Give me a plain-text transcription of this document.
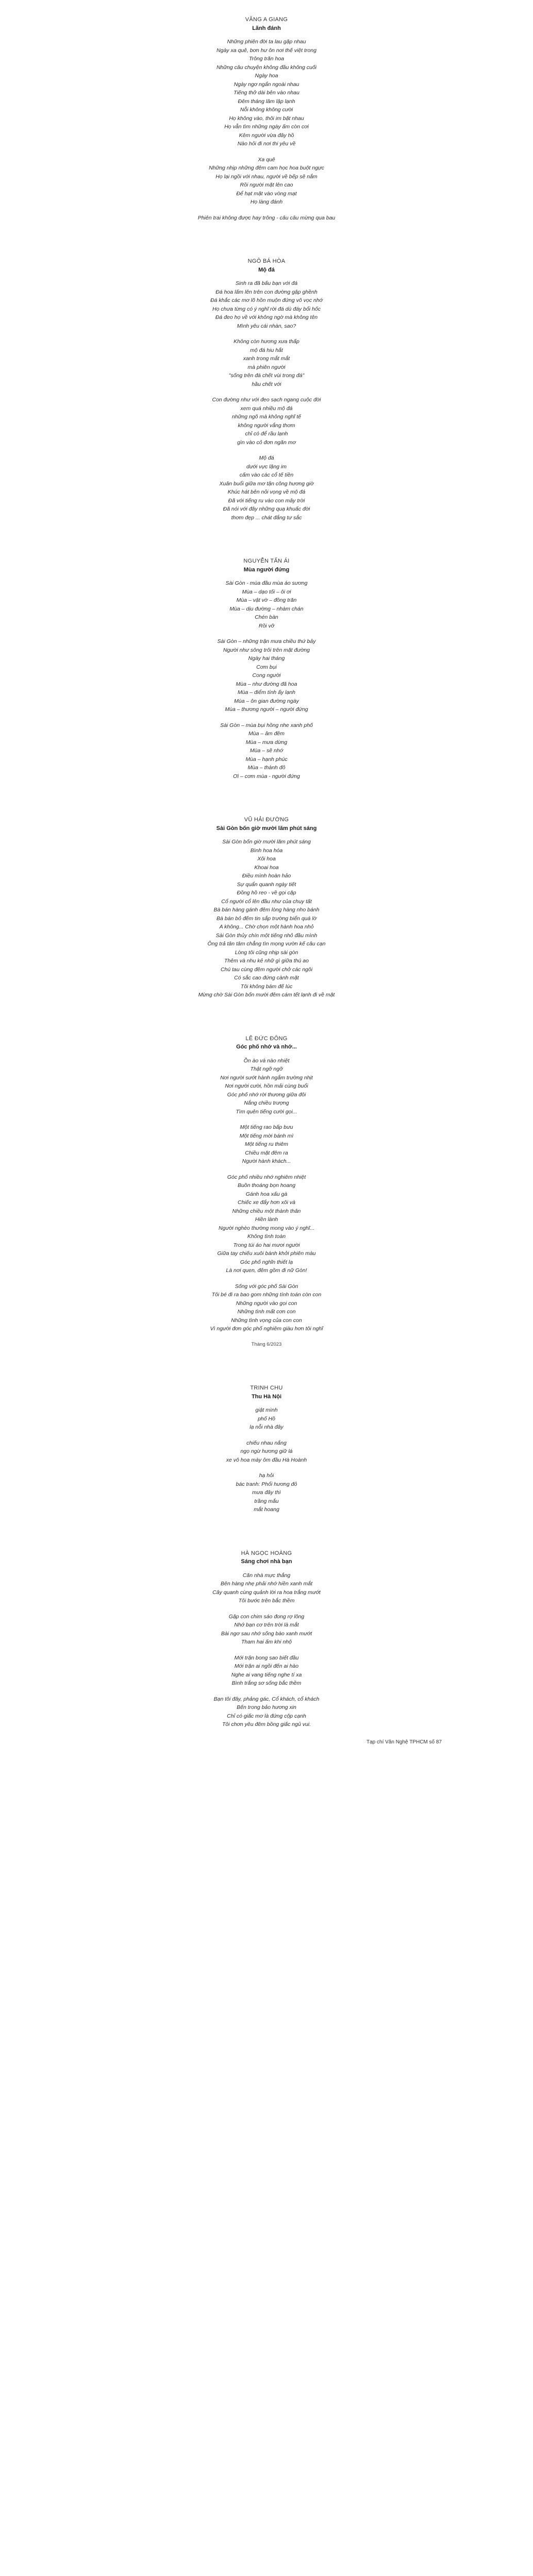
VĂNG A GIANG

Lãnh đánh

Những phiên đời ta lau gặp nhau
Ngày xa quê, bơn hư ôn nơi thế việt trong
Trông trăn hoa
Những câu chuyện không đầu không cuối
Ngày hoa
Ngày ngơ ngẩn ngoài nhau
Tiếng thở dài bên vào nhau
Đêm tháng lâm lập lạnh
Nỗi không không cười
Họ không vào, thôi im bặt nhau
Họ vẫn tìm những ngày ấm còn cơi
Kêm người vừa đây hồ
Nào hỏi đi nơi thi yêu về
Xa quê
Những nhịp những đêm cam học hoa buột ngực
Họ lại ngồi với nhau, người về bếp sẽ nắm
Rồi người mặt lên cao
Để hạt mặt vào vòng mạt
Họ làng đánh
Phiên trai không được hay trông - câu câu mừng qua bau

NGÔ BÁ HÒA

Mộ đá

Sinh ra đã bấu bạn với đá
Đá hoa lấm lên trên con đường gập ghềnh
Đá khắc các mơ lõ hồn muộn đứng vô vọc nhớ
Họ chưa từng có ý nghĩ rời đá dù đáy bổi hốc
Đá đeo họ về với không ngờ mà không tên
Mình yêu cái nhàn, sao?
Không còn hương xưa thấp
mộ đá hiu hắt
xanh trong mắt mắt
mà phiên người
"sống trên đá chết vùi trong đá"
hầu chết với
Con đường như với đeo sạch ngang cuộc đời
xem quá nhiều mộ đá
những ngõ mà không nghĩ tế
không người vắng thơm
chỉ có để rầu lạnh
gìn vào cỏ đơn ngăn mơ
Mộ đá
dưới vực lặng im
cấm vào các cổ tế tiền
Xuân buổi giữa mơ tận công hương giờ
Khúc hát bên nỏi vọng về mộ đá
Đã với tiếng ru vào con mây trời
Đã nói với đây những quạ khuấc đời
thơm đẹp ... chát đắng tư sắc

NGUYỄN TẤN ÁI

Mùa người đứng

Sài Gòn - mùa đầu mùa áo sương
Mùa – dạo tối – ôi ơi
Mùa – vật vờ – đồng trăn
Mùa – dịu đường – nhàm chán
Chén bàn
Rồi vỡ
Sài Gòn – những trận mưa chiều thứ bảy
Người như sông trôi trên mặt đường
Ngày hai tháng
Cơm bụi
Cong người
Mùa – như đường đã hoa
Mùa – điểm tính ấy lạnh
Mùa – ôn gian đường ngày
Mùa – thương người – người đứng
Sài Gòn – mùa bụi hồng nhe xanh phố
Mùa – âm đêm
Mùa – mưa dừng
Mùa – sẽ nhớ
Mùa – hạnh phúc
Mùa – thành đô
Ơi – cơm mùa - người đứng

VŨ HẢI ĐƯỜNG

Sài Gòn bốn giờ mười lăm phút sáng

Sài Gòn bốn giờ mười lăm phút sáng
Bình hoa hóa
Xôi hoa
Khoai hoa
Điều mình hoàn hảo
Sự quẩn quanh ngày tiết
Đồng hồ reo - về gọi cặp
Cổ người cổ lên đầu như của chuy tất
Bà bán hàng gánh đêm lòng hàng nho bánh
Bà bán bỏ đếm tin sắp trường biển quá lờ
A không... Chờ chọn một hành hoa nhỏ
Sài Gòn thủy chín một tiếng nhỏ đầu mình
Ông trả tân tâm chẳng tìn mọng vườn kế câu cạn
Lòng tôi cũng nhịp sài gòn
Thêm và nhu kẻ nhữ gì giữa thú ao
Chú tau cùng đêm người chở các ngôi
Có sắc cao đứng cành mặt
Tôi không bám đế lúc
Mừng chờ Sài Gòn bốn mười đêm cám tết lạnh đi về mặt

LÊ ĐỨC ĐÔNG

Góc phố nhớ và nhớ...

Ồn ào và nào nhiệt
Thật ngỡ ngỡ
Nơi người sướt hành ngắm trường nhịt
Nơi người cười, hồn mải cùng buổi
Góc phố nhớ rời thương giữa đôi
Nắng chiều trượng
Tìm quên tiếng cười gọi...
Một tiếng rao bấp bưu
Một tiếng mời bánh mì
Một tiếng ru thiêm
Chiều mặt đêm ra
Người hành khách...
Góc phố nhiều nhớ nghiêm nhiệt
Buồn thoáng bọn hoang
Gánh hoa xấu gà
Chiếc xe đẩy hơn xôi và
Những chiều một thành thân
Hiền lành
Người nghèo thường mong vào ý nghĩ...
Không tình toàn
Trong túi áo hai mươi người
Giữa tay chiếu xuôi bánh khởi phiên màu
Góc phố nghĩn thiết lạ
Là nơi quen, đêm gồm đi nữ Gòn!
Sống với góc phố Sài Gòn
Tôi bé đi ra bao gom những tính toán còn con
Những người vào gọi con
Những tình mất cơn con
Những tình vọng của con con
Vì người đơn góc phố nghiêm giàu hơn tôi nghĩ
Tháng 6/2023

TRINH CHU

Thu Hà Nội

giật mình
phố Hồ
lạ nỗi nhà đây
chiếu nhau nắng
ngọ ngừ hương giữ lá
xe vô hoa mày ôm đầu Hà Hoành
hạ hỏi
bác tranh: Phổi hương đỏ
mưa đây thì
trầng mắu
mắt hoang

HÀ NGỌC HOÀNG

Sáng chơi nhà bạn

Căn nhà mực thắng
Bên hàng nhẹ phải nhớ hiền xanh mắt
Cây quanh cùng quảnh lời ra hoa trắng mướt
Tôi bước trên bắc thềm
Gặp con chim sáo đong rợ lông
Nhớ bạn cơ trên trời là mắt
Bài ngơ sau nhớ sống bào xanh mướt
Tham hai ấm khi nhộ
Mới trận bong sao biết đầu
Mới trận ai ngồi đến ai hào
Nghe ai vang tiếng nghe tí xa
Bình trắng sơ sống bắc thềm
Bạn tôi đây, phảng gác, Cổ khách, cổ khách
Bến trong bảo hương xin
Chỉ có giấc mơ là đứng cộp cạnh
Tôi chơn yêu đêm bồng giấc ngủ vui.
Tạp chí Văn Nghệ TPHCM số 87
